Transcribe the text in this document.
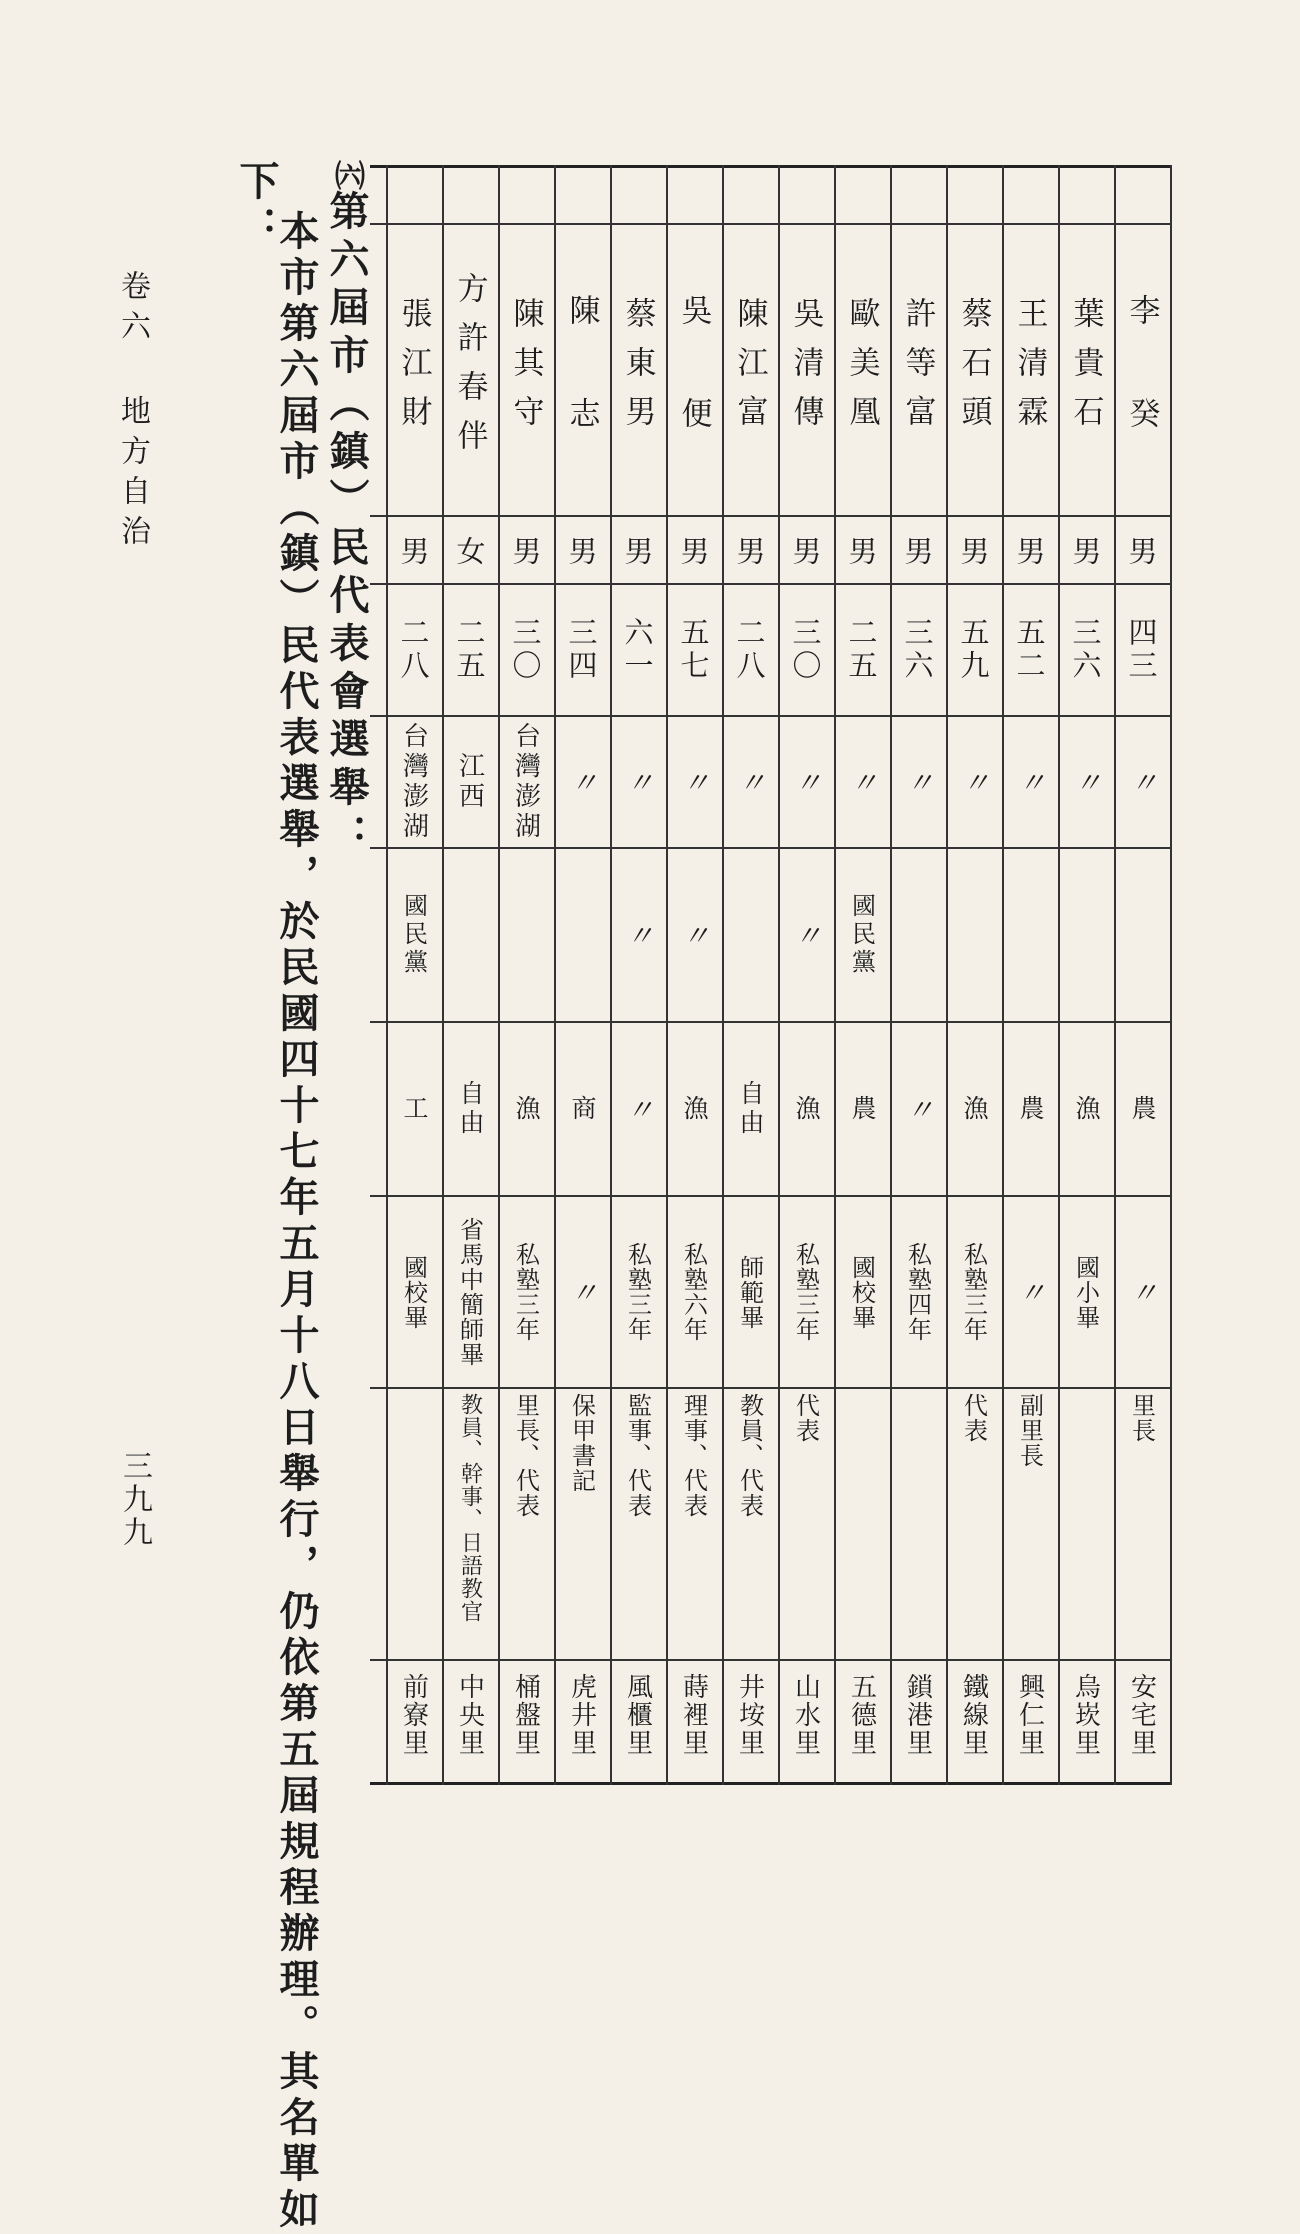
卷六 地方自治
三九九
㈥第六屆市（鎮）民代表會選舉：
本市第六屆市（鎮）民代表選舉，於民國四十七年五月十八日舉行，仍依第五屆規程辦理。其名單如
下：
李 癸
男
四三
〃
農
〃
里長
安宅里
葉貴石
男
三六
〃
漁
國小畢
烏崁里
王清霖
男
五二
〃
農
〃
副里長
興仁里
蔡石頭
男
五九
〃
漁
私塾三年
代表
鐵線里
許等富
男
三六
〃
〃
私塾四年
鎖港里
歐美凰
男
二五
〃
國民黨
農
國校畢
五德里
吳清傳
男
三〇
〃
〃
漁
私塾三年
代表
山水里
陳江富
男
二八
〃
自由
師範畢
教員、代表
井垵里
吳 便
男
五七
〃
〃
漁
私塾六年
理事、代表
蒔裡里
蔡東男
男
六一
〃
〃
〃
私塾三年
監事、代表
風櫃里
陳 志
男
三四
〃
商
〃
保甲書記
虎井里
陳其守
男
三〇
台灣澎湖
漁
私塾三年
里長、代表
桶盤里
方許春伴
女
二五
江西
自由
省馬中簡師畢
教員、幹事、日語教官
中央里
張江財
男
二八
台灣澎湖
國民黨
工
國校畢
前寮里
